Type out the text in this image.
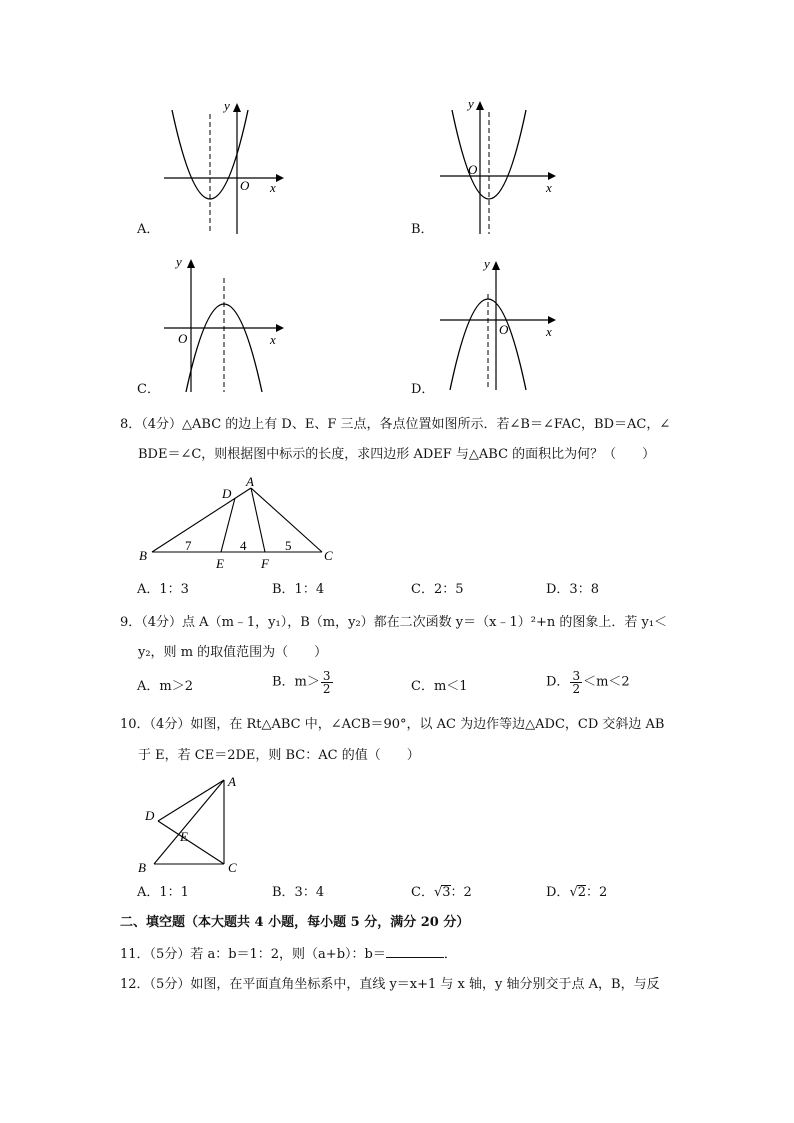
y
x
O
A．
y
x
O
B．
y
x
O
C．
y
x
O
D．
8．（4分）△ABC 的边上有 D、E、F 三点，各点位置如图所示．若∠B＝∠FAC，BD＝AC，∠
BDE＝∠C，则根据图中标示的长度，求四边形 ADEF 与△ABC 的面积比为何？（　　）
A
D
B	C
E	F
7	4	5
A．1：3	B．1：4	C．2：5	D．3：8
9．（4分）点 A（m﹣1，y₁），B（m，y₂）都在二次函数 y＝（x﹣1）²+n 的图象上．若 y₁＜
y₂，则 m 的取值范围为（　　）
A．m＞2	B．$m> \frac{3}{2}$	C．m＜1	D． $\frac{3}{2} <m<2$
10．（4分）如图，在 Rt△ABC 中，∠ACB＝90°，以 AC 为边作等边△ADC，CD 交斜边 AB
于 E，若 CE＝2DE，则 BC：AC 的值（　　）
A
D
E
B	C
A．1：1	B．3：4	C．√3：2	D．√2：2
二、填空题（本大题共 4 小题，每小题 5 分，满分 20 分）
11．（5分）若 a：b＝1：2，则（a+b）：b＝	．
12．（5分）如图，在平面直角坐标系中，直线 y＝x+1 与 x 轴，y 轴分别交于点 A，B，与反
